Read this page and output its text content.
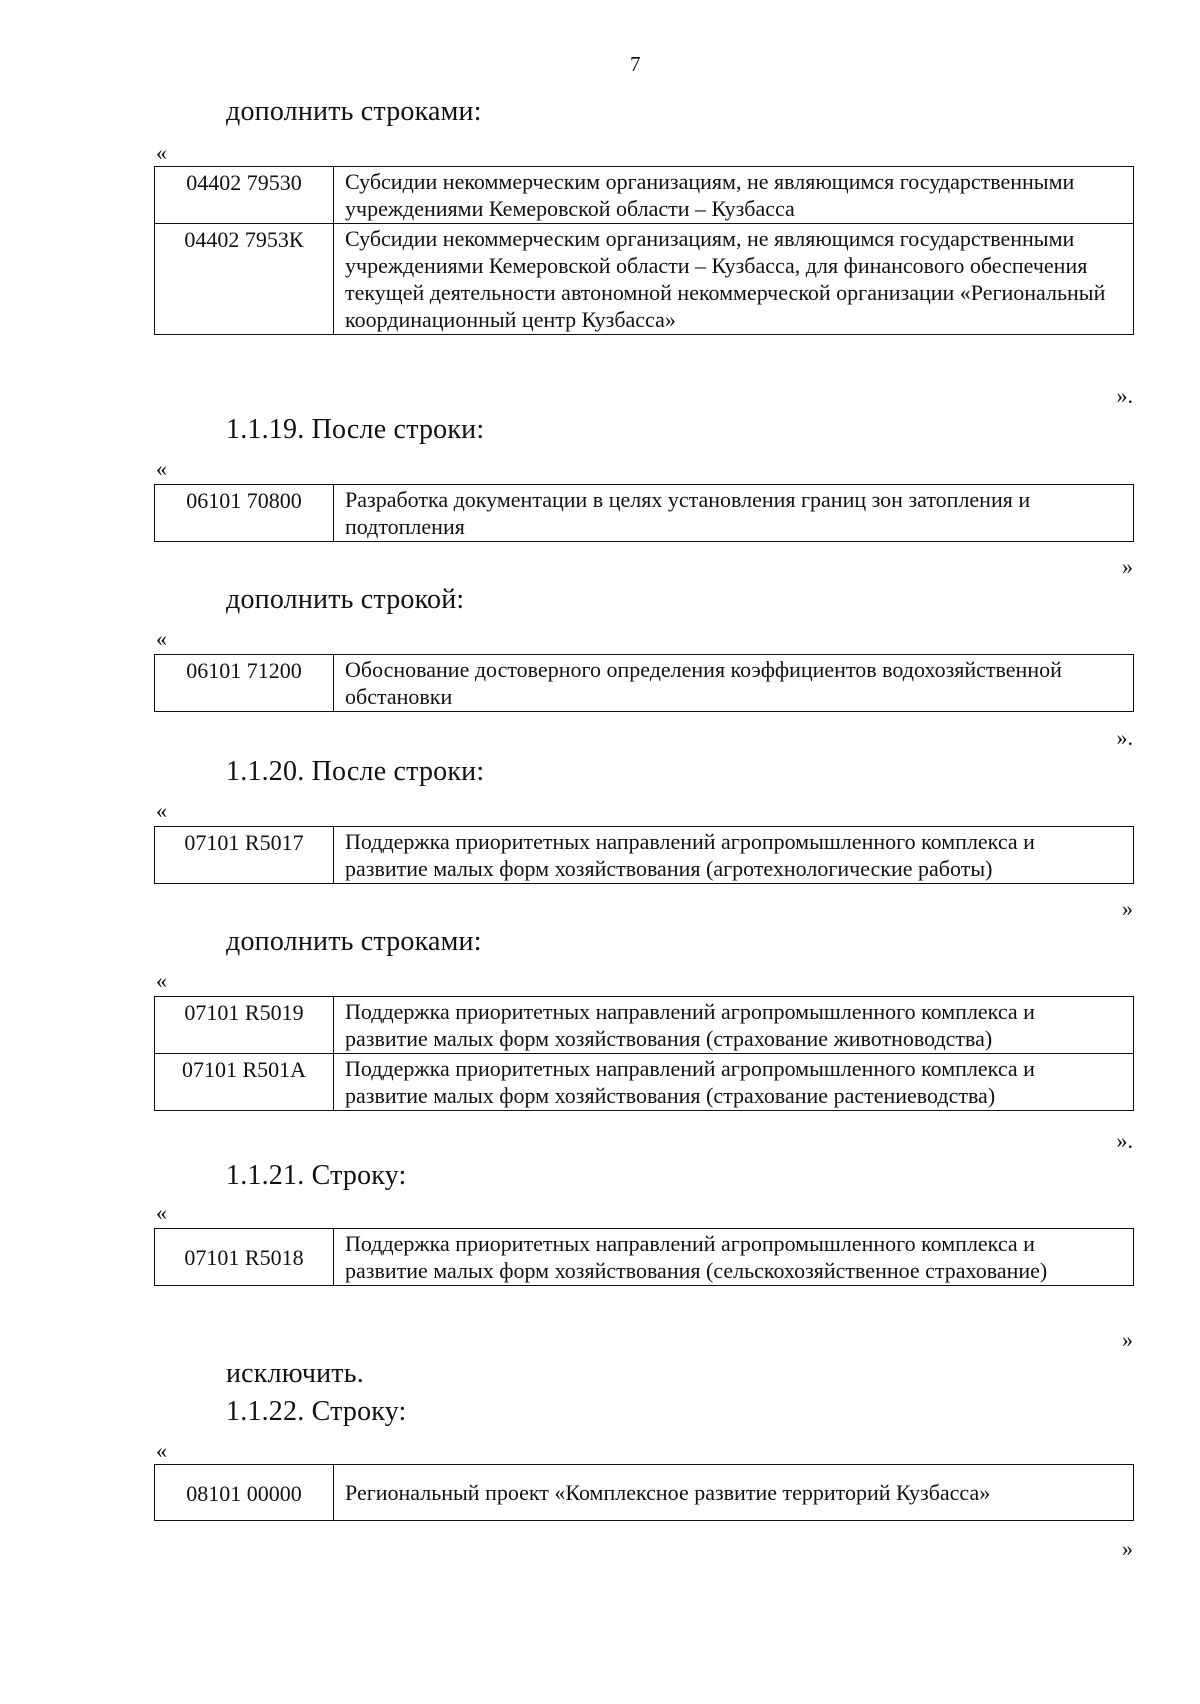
7
дополнить строками:
«
04402 79530	Субсидии некоммерческим организациям, не являющимся государственными учреждениями Кемеровской области – Кузбасса
04402 7953К	Субсидии некоммерческим организациям, не являющимся государственными учреждениями Кемеровской области – Кузбасса, для финансового обеспечения текущей деятельности автономной некоммерческой организации «Региональный координационный центр Кузбасса»
».
1.1.19. После строки:
«
06101 70800	Разработка документации в целях установления границ зон затопления и подтопления
»
дополнить строкой:
«
06101 71200	Обоснование достоверного определения коэффициентов водохозяйственной обстановки
».
1.1.20. После строки:
«
07101 R5017	Поддержка приоритетных направлений агропромышленного комплекса и развитие малых форм хозяйствования (агротехнологические работы)
»
дополнить строками:
«
07101 R5019	Поддержка приоритетных направлений агропромышленного комплекса и развитие малых форм хозяйствования (страхование животноводства)
07101 R501А	Поддержка приоритетных направлений агропромышленного комплекса и развитие малых форм хозяйствования (страхование растениеводства)
».
1.1.21. Строку:
«
07101 R5018	Поддержка приоритетных направлений агропромышленного комплекса и развитие малых форм хозяйствования (сельскохозяйственное страхование)
»
исключить.
1.1.22. Строку:
«
08101 00000	Региональный проект «Комплексное развитие территорий Кузбасса»
»
